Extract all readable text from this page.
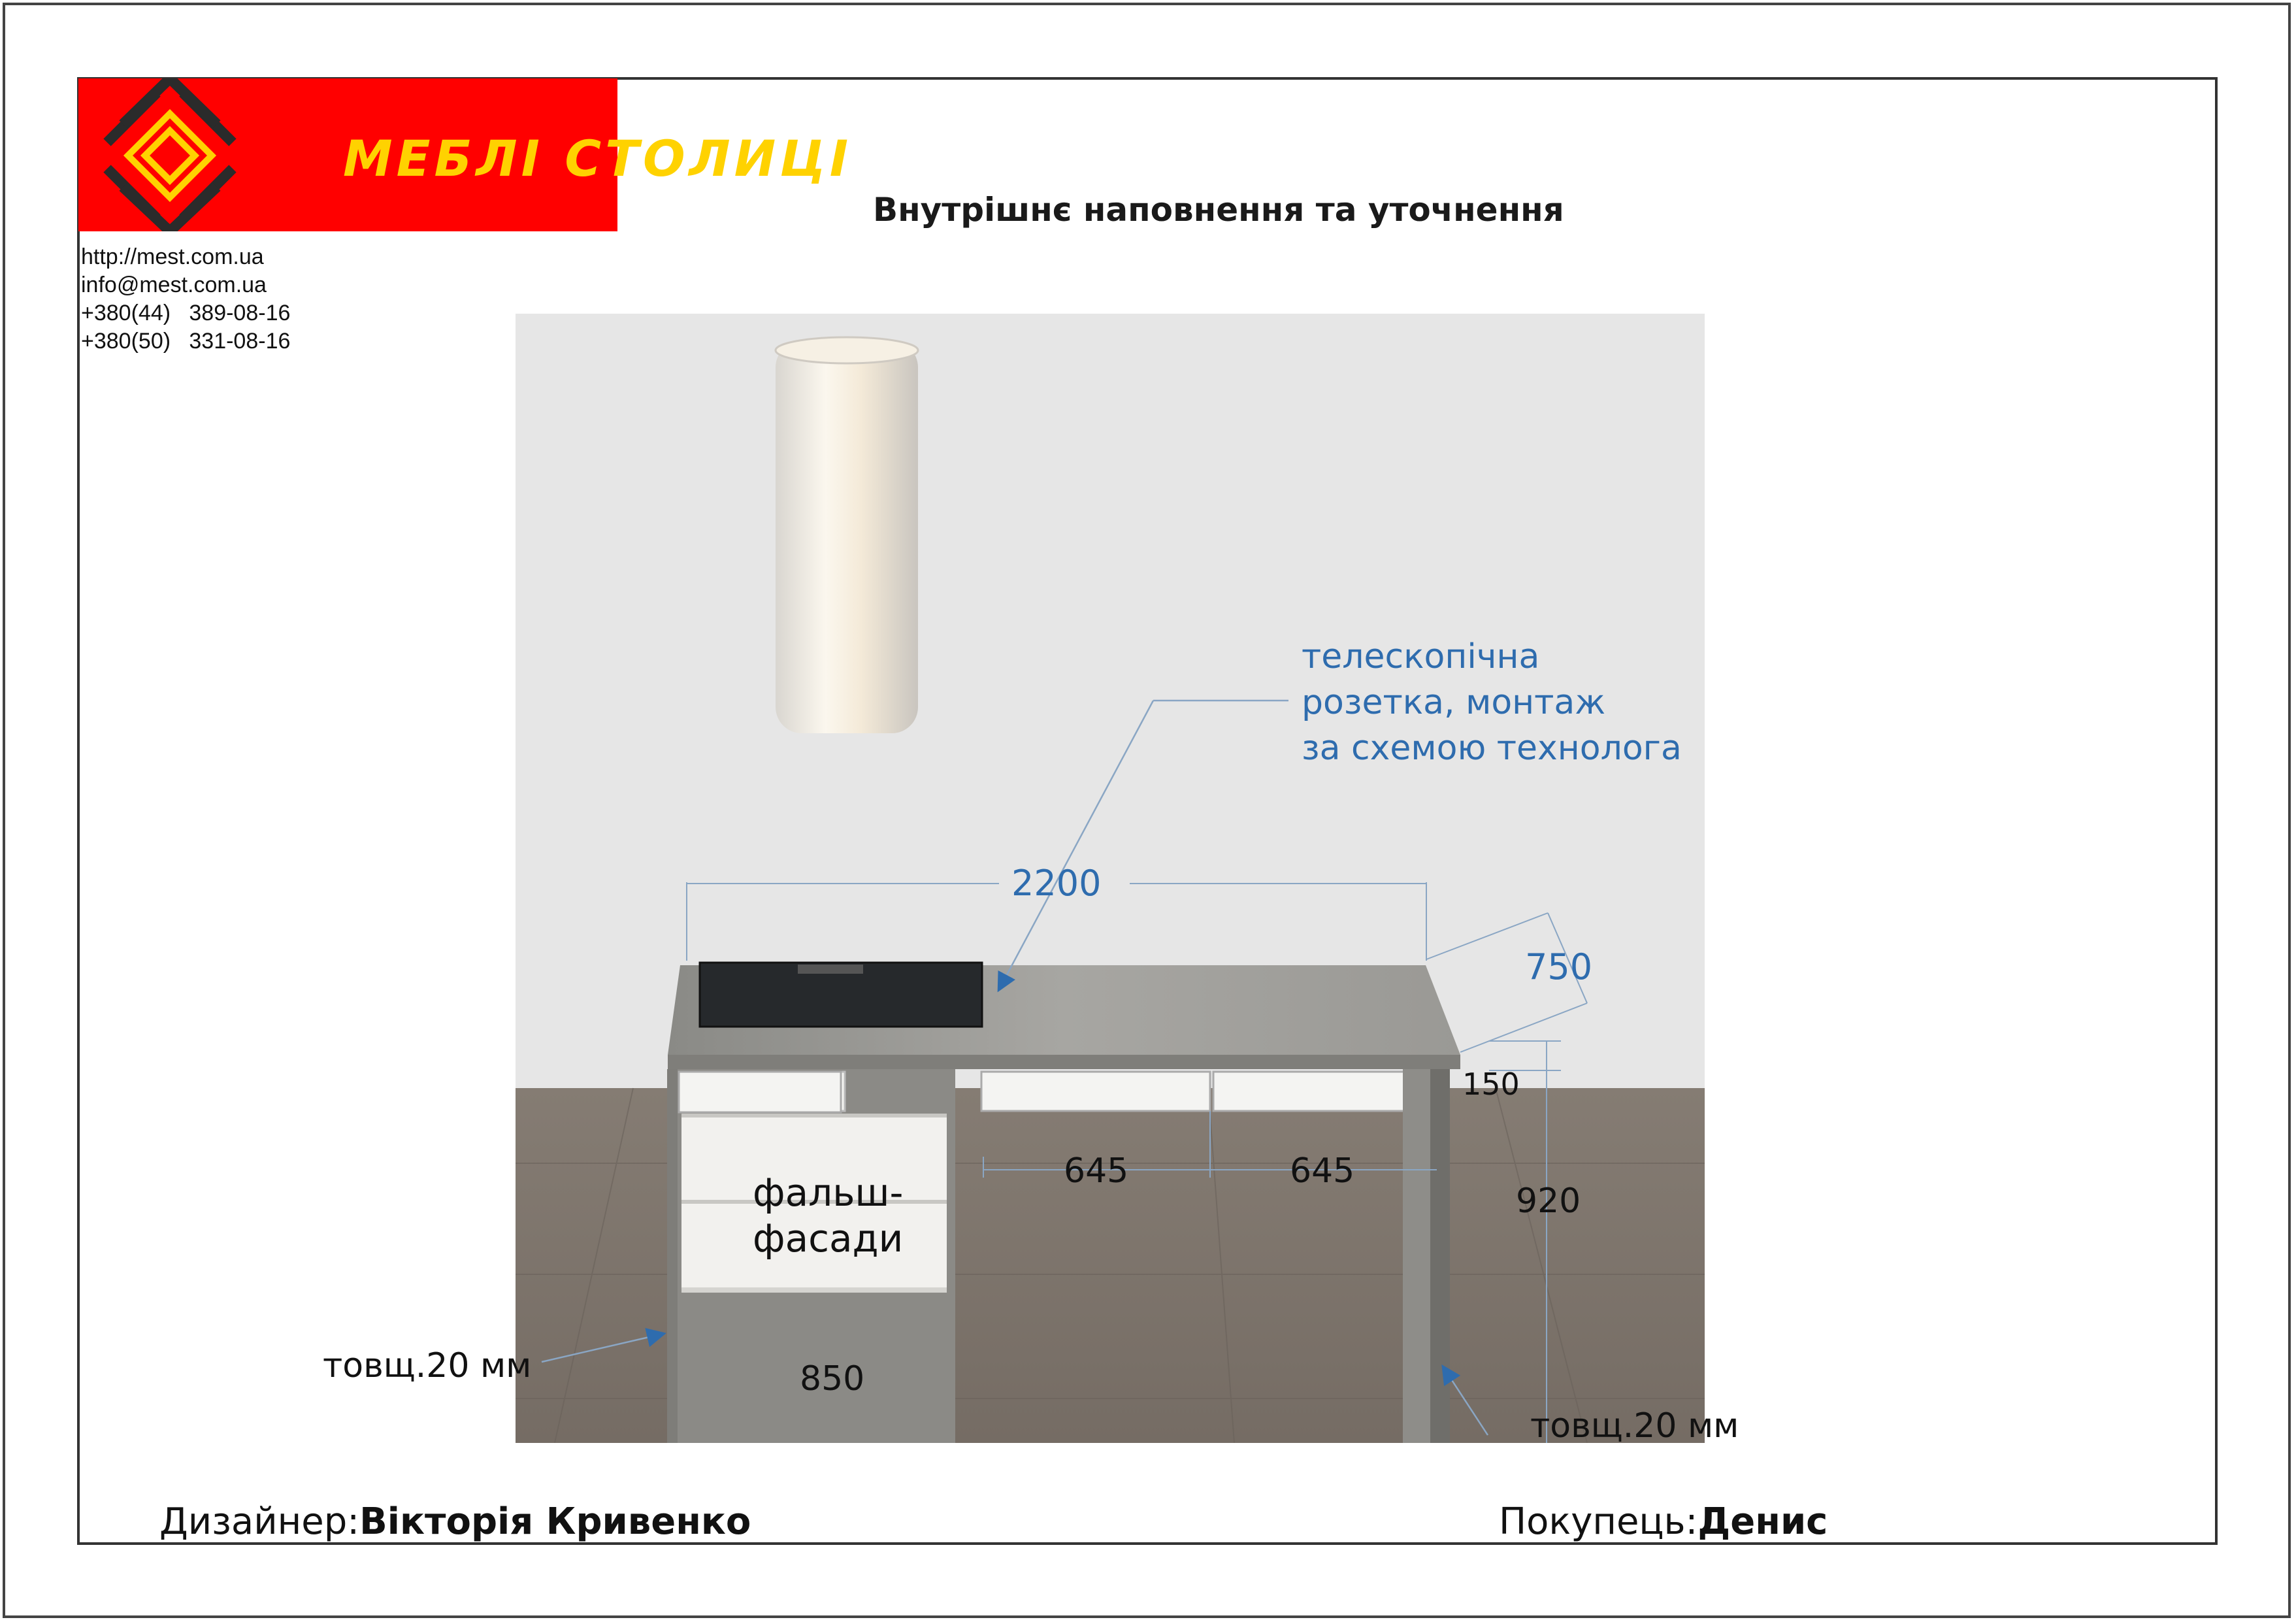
МЕБЛІ СТОЛИЦІ
http://mest.com.ua
info@mest.com.ua
+380(44)   389-08-16
+380(50)   331-08-16
Внутрішнє наповнення та уточнення
телескопічна
розетка, монтаж
за схемою технолога
2200
750
150
920
645	645
850
фальш-
фасади
товщ.20 мм
товщ.20 мм
Дизайнер:Вікторія Кривенко	Покупець:Денис
